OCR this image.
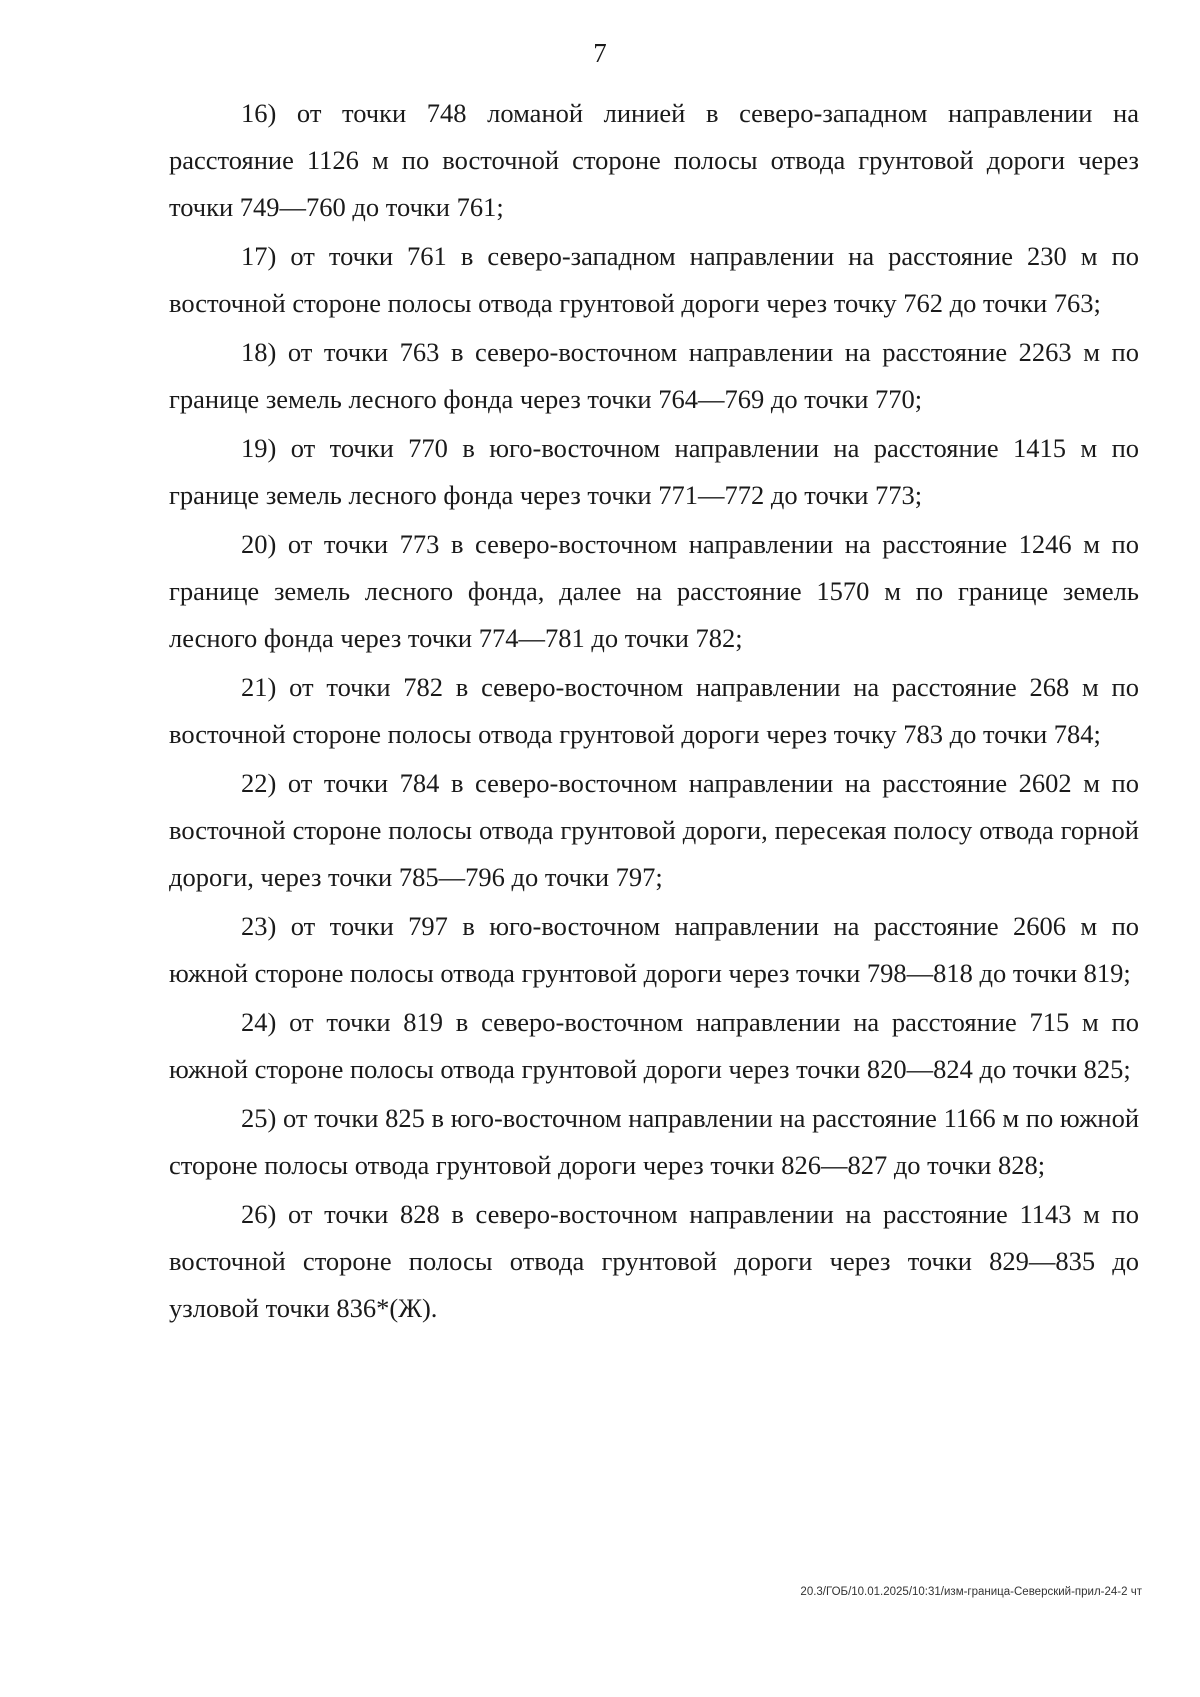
7

16) от точки 748 ломаной линией в северо-западном направлении на расстояние 1126 м по восточной стороне полосы отвода грунтовой дороги через точки 749—760 до точки 761;

17) от точки 761 в северо-западном направлении на расстояние 230 м по восточной стороне полосы отвода грунтовой дороги через точку 762 до точки 763;

18) от точки 763 в северо-восточном направлении на расстояние 2263 м по границе земель лесного фонда через точки 764—769 до точки 770;

19) от точки 770 в юго-восточном направлении на расстояние 1415 м по границе земель лесного фонда через точки 771—772 до точки 773;

20) от точки 773 в северо-восточном направлении на расстояние 1246 м по границе земель лесного фонда, далее на расстояние 1570 м по границе земель лесного фонда через точки 774—781 до точки 782;

21) от точки 782 в северо-восточном направлении на расстояние 268 м по восточной стороне полосы отвода грунтовой дороги через точку 783 до точки 784;

22) от точки 784 в северо-восточном направлении на расстояние 2602 м по восточной стороне полосы отвода грунтовой дороги, пересекая полосу отвода горной дороги, через точки 785—796 до точки 797;

23) от точки 797 в юго-восточном направлении на расстояние 2606 м по южной стороне полосы отвода грунтовой дороги через точки 798—818 до точки 819;

24) от точки 819 в северо-восточном направлении на расстояние 715 м по южной стороне полосы отвода грунтовой дороги через точки 820—824 до точки 825;

25) от точки 825 в юго-восточном направлении на расстояние 1166 м по южной стороне полосы отвода грунтовой дороги через точки 826—827 до точки 828;

26) от точки 828 в северо-восточном направлении на расстояние 1143 м по восточной стороне полосы отвода грунтовой дороги через точки 829—835 до узловой точки 836*(Ж).

20.3/ГОБ/10.01.2025/10:31/изм-граница-Северский-прил-24-2 чт
